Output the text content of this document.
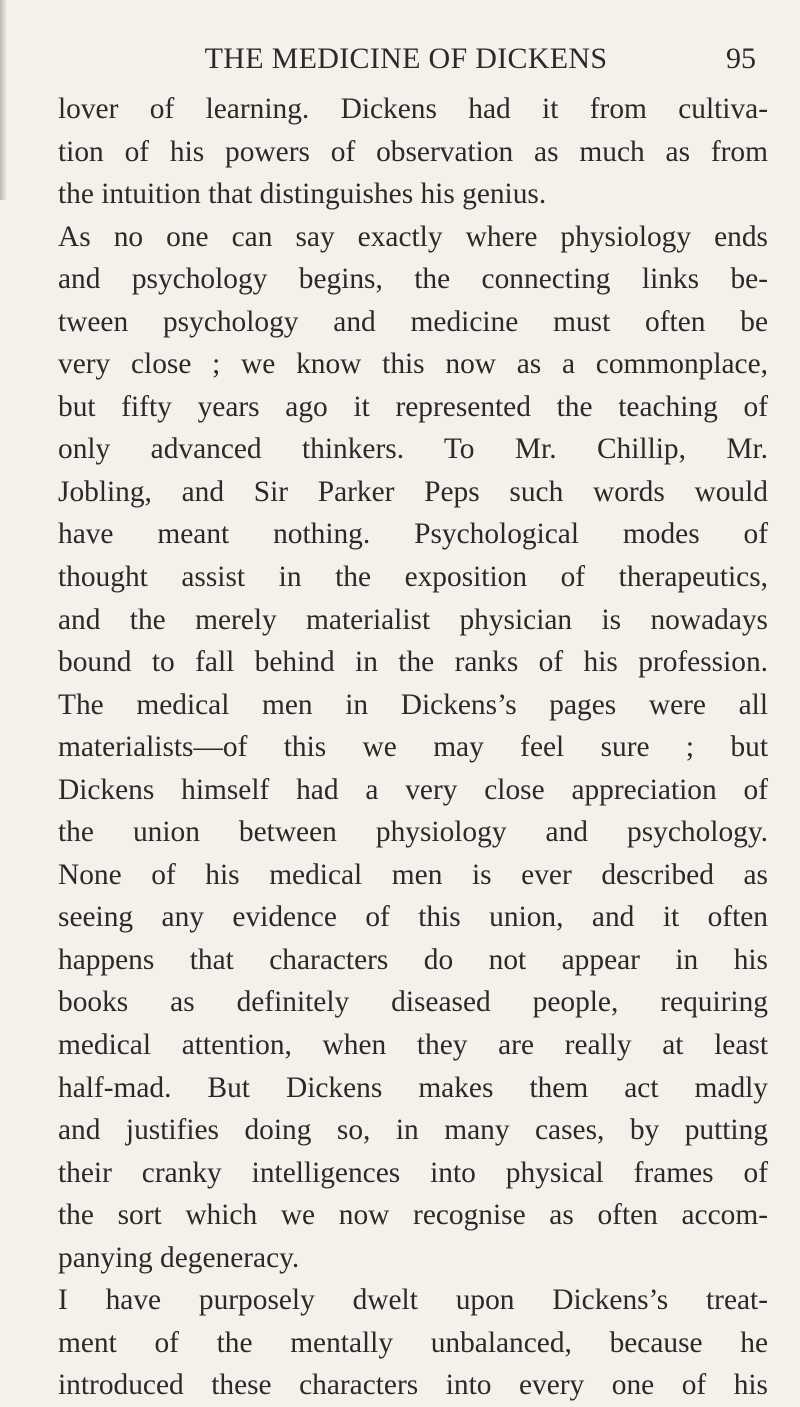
THE MEDICINE OF DICKENS	95
lover of learning. Dickens had it from cultiva-
tion of his powers of observation as much as from
the intuition that distinguishes his genius.
As no one can say exactly where physiology ends
and psychology begins, the connecting links be-
tween psychology and medicine must often be
very close ; we know this now as a commonplace,
but fifty years ago it represented the teaching of
only advanced thinkers. To Mr. Chillip, Mr.
Jobling, and Sir Parker Peps such words would
have meant nothing. Psychological modes of
thought assist in the exposition of therapeutics,
and the merely materialist physician is nowadays
bound to fall behind in the ranks of his profession.
The medical men in Dickens’s pages were all
materialists—of this we may feel sure ; but
Dickens himself had a very close appreciation of
the union between physiology and psychology.
None of his medical men is ever described as
seeing any evidence of this union, and it often
happens that characters do not appear in his
books as definitely diseased people, requiring
medical attention, when they are really at least
half-mad. But Dickens makes them act madly
and justifies doing so, in many cases, by putting
their cranky intelligences into physical frames of
the sort which we now recognise as often accom-
panying degeneracy.
I have purposely dwelt upon Dickens’s treat-
ment of the mentally unbalanced, because he
introduced these characters into every one of his
